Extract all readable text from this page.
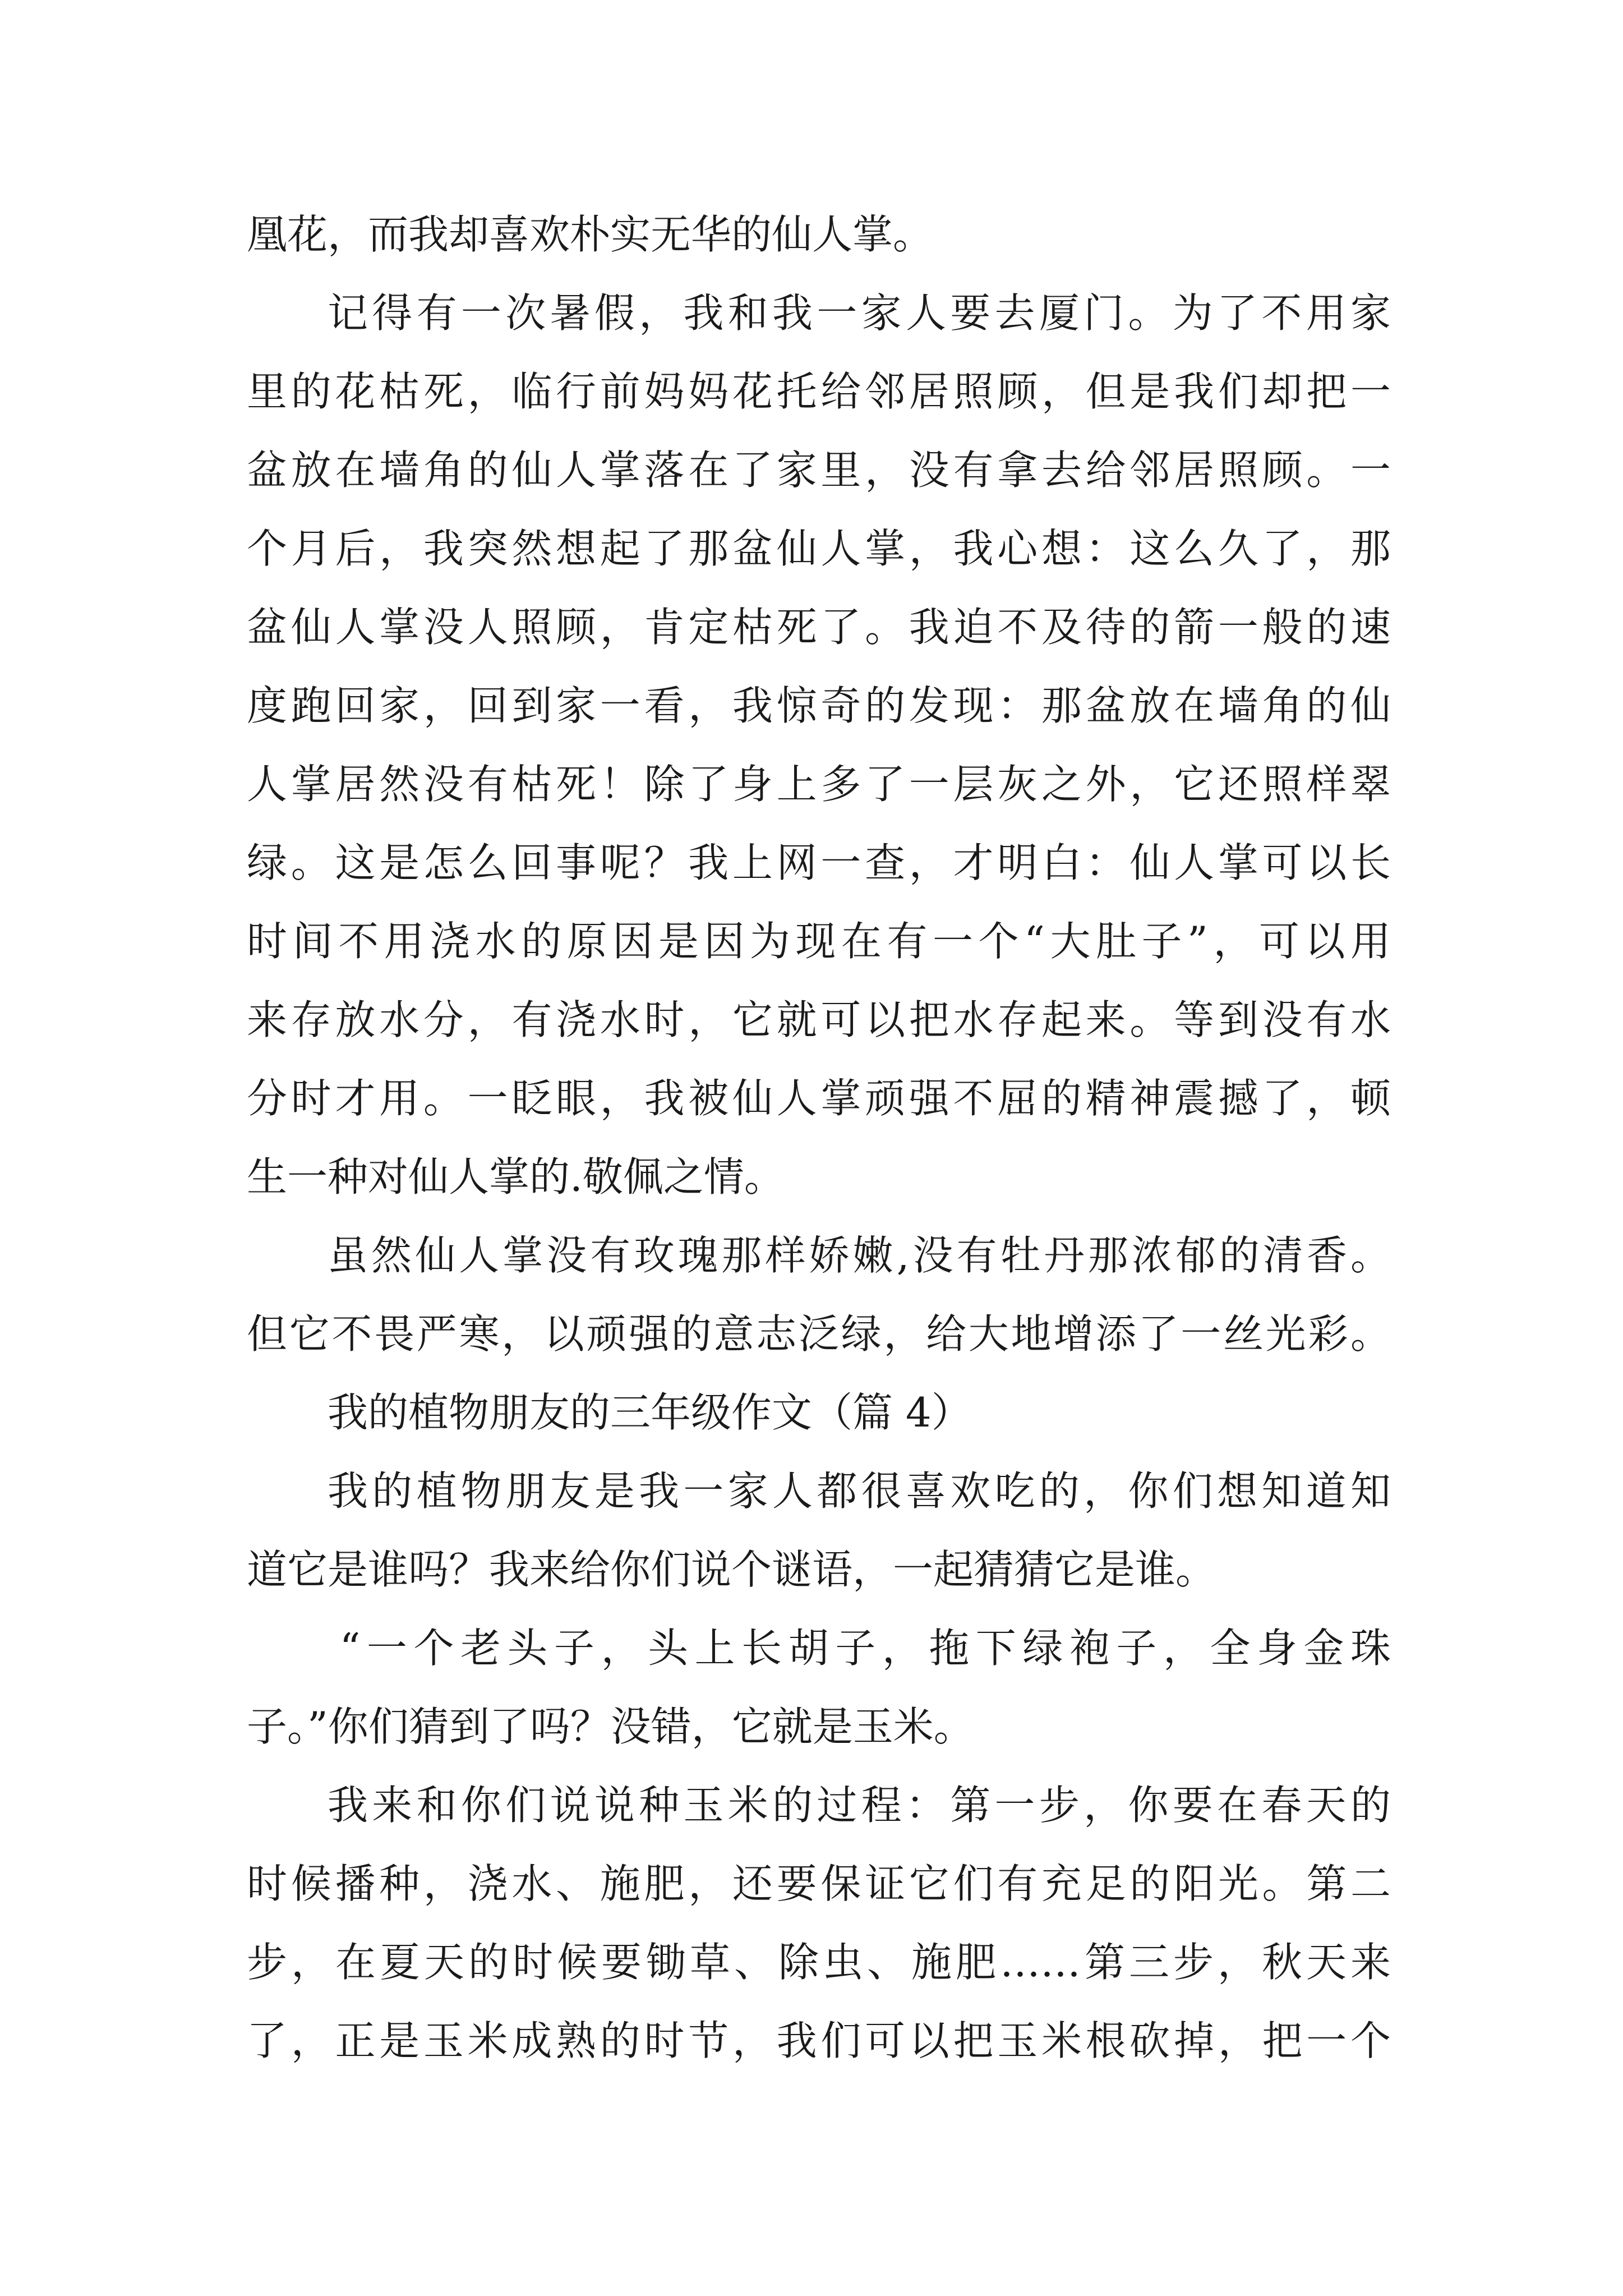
凰花，而我却喜欢朴实无华的仙人掌。
记得有一次暑假，我和我一家人要去厦门。为了不用家
里的花枯死，临行前妈妈花托给邻居照顾，但是我们却把一
盆放在墙角的仙人掌落在了家里，没有拿去给邻居照顾。一
个月后，我突然想起了那盆仙人掌，我心想：这么久了，那
盆仙人掌没人照顾，肯定枯死了。我迫不及待的箭一般的速
度跑回家，回到家一看，我惊奇的发现：那盆放在墙角的仙
人掌居然没有枯死！除了身上多了一层灰之外，它还照样翠
绿。这是怎么回事呢？我上网一查，才明白：仙人掌可以长
时间不用浇水的原因是因为现在有一个“大肚子”，可以用
来存放水分，有浇水时，它就可以把水存起来。等到没有水
分时才用。一眨眼，我被仙人掌顽强不屈的精神震撼了，顿
生一种对仙人掌的.敬佩之情。
虽然仙人掌没有玫瑰那样娇嫩,没有牡丹那浓郁的清香。
但它不畏严寒，以顽强的意志泛绿，给大地增添了一丝光彩。
我的植物朋友的三年级作文（篇 4）
我的植物朋友是我一家人都很喜欢吃的，你们想知道知
道它是谁吗？我来给你们说个谜语，一起猜猜它是谁。
“一个老头子，头上长胡子，拖下绿袍子，全身金珠
子。”你们猜到了吗？没错，它就是玉米。
我来和你们说说种玉米的过程：第一步，你要在春天的
时候播种，浇水、施肥，还要保证它们有充足的阳光。第二
步，在夏天的时候要锄草、除虫、施肥……第三步，秋天来
了，正是玉米成熟的时节，我们可以把玉米根砍掉，把一个
